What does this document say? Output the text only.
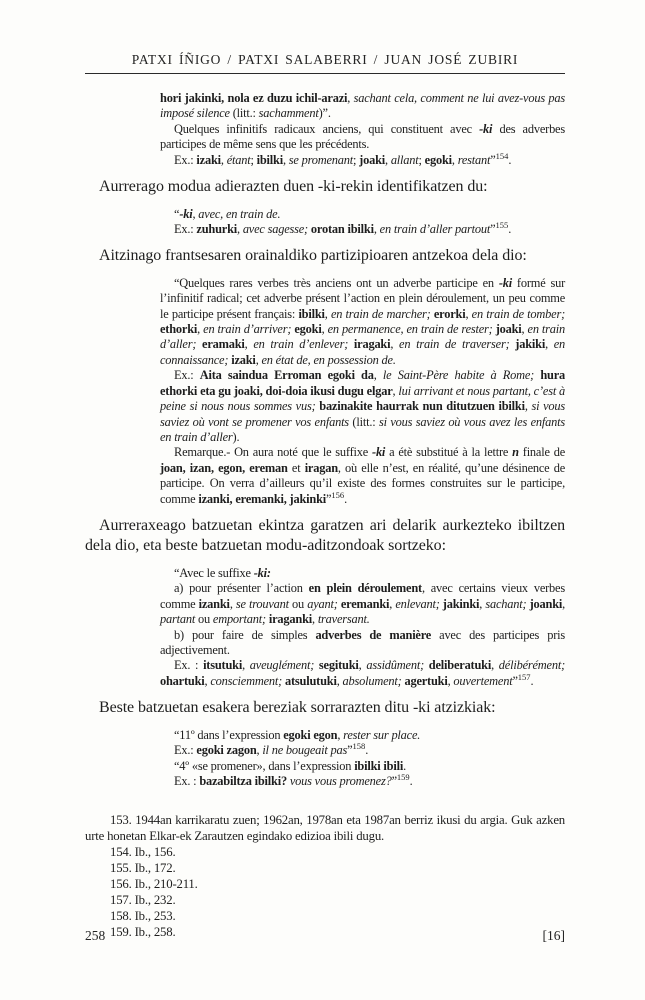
PATXI ÍÑIGO / PATXI SALABERRI / JUAN JOSÉ ZUBIRI

hori jakinki, nola ez duzu ichil-arazi, sachant cela, comment ne lui avez-vous pas imposé silence (litt.: sachamment)”.

Quelques infinitifs radicaux anciens, qui constituent avec -ki des adverbes participes de même sens que les précédents.

Ex.: izaki, étant; ibilki, se promenant; joaki, allant; egoki, restant”$^{154}$.

Aurrerago modua adierazten duen -ki-rekin identifikatzen du:

“-ki, avec, en train de.

Ex.: zuhurki, avec sagesse; orotan ibilki, en train d’aller partout”$^{155}$.

Aitzinago frantsesaren orainaldiko partizipioaren antzekoa dela dio:

“Quelques rares verbes très anciens ont un adverbe participe en -ki formé sur l’infinitif radical; cet adverbe présent l’action en plein déroulement, un peu comme le participe présent français: ibilki, en train de marcher; erorki, en train de tomber; ethorki, en train d’arriver; egoki, en permanence, en train de rester; joaki, en train d’aller; eramaki, en train d’enlever; iragaki, en train de traverser; jakiki, en connaissance; izaki, en état de, en possession de.

Ex.: Aita saindua Erroman egoki da, le Saint-Père habite à Rome; hura ethorki eta gu joaki, doi-doia ikusi dugu elgar, lui arrivant et nous partant, c’est à peine si nous nous sommes vus; bazinakite haurrak nun ditutzuen ibilki, si vous saviez où vont se promener vos enfants (litt.: si vous saviez où vous avez les enfants en train d’aller).

Remarque.- On aura noté que le suffixe -ki a étè substitué à la lettre n finale de joan, izan, egon, ereman et iragan, où elle n’est, en réalité, qu’une désinence de participe. On verra d’ailleurs qu’il existe des formes construites sur le participe, comme izanki, eremanki, jakinki”$^{156}$.

Aurreraxeago batzuetan ekintza garatzen ari delarik aurkezteko ibiltzen dela dio, eta beste batzuetan modu-aditzondoak sortzeko:

“Avec le suffixe -ki:

a) pour présenter l’action en plein déroulement, avec certains vieux verbes comme izanki, se trouvant ou ayant; eremanki, enlevant; jakinki, sachant; joanki, partant ou emportant; iraganki, traversant.

b) pour faire de simples adverbes de manière avec des participes pris adjectivement.

Ex. : itsutuki, aveuglément; segituki, assidûment; deliberatuki, délibérément; ohartuki, consciemment; atsulutuki, absolument; agertuki, ouvertement”$^{157}$.

Beste batzuetan esakera bereziak sorrarazten ditu -ki atzizkiak:

“11º dans l’expression egoki egon, rester sur place.

Ex.: egoki zagon, il ne bougeait pas”$^{158}$.

“4º «se promener», dans l’expression ibilki ibili.

Ex. : bazabiltza ibilki? vous vous promenez?”$^{159}$.

153. 1944an karrikaratu zuen; 1962an, 1978an eta 1987an berriz ikusi du argia. Guk azken urte honetan Elkar-ek Zarautzen egindako edizioa ibili dugu.

154. Ib., 156.

155. Ib., 172.

156. Ib., 210-211.

157. Ib., 232.

158. Ib., 253.

159. Ib., 258.

258	[16]
